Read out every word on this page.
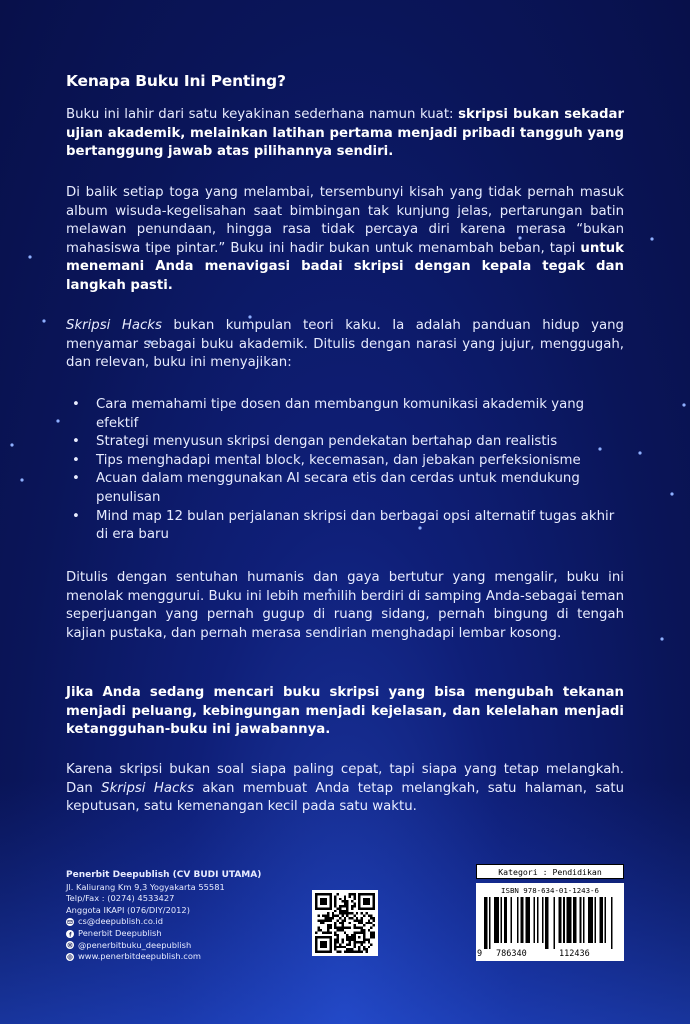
Kenapa Buku Ini Penting?

Buku ini lahir dari satu keyakinan sederhana namun kuat: skripsi bukan sekadar ujian akademik, melainkan latihan pertama menjadi pribadi tangguh yang bertanggung jawab atas pilihannya sendiri.

Di balik setiap toga yang melambai, tersembunyi kisah yang tidak pernah masuk album wisuda-kegelisahan saat bimbingan tak kunjung jelas, pertarungan batin melawan penundaan, hingga rasa tidak percaya diri karena merasa “bukan mahasiswa tipe pintar.” Buku ini hadir bukan untuk menambah beban, tapi untuk menemani Anda menavigasi badai skripsi dengan kepala tegak dan langkah pasti.

Skripsi Hacks bukan kumpulan teori kaku. Ia adalah panduan hidup yang menyamar sebagai buku akademik. Ditulis dengan narasi yang jujur, menggugah, dan relevan, buku ini menyajikan:

• Cara memahami tipe dosen dan membangun komunikasi akademik yang efektif
• Strategi menyusun skripsi dengan pendekatan bertahap dan realistis
• Tips menghadapi mental block, kecemasan, dan jebakan perfeksionisme
• Acuan dalam menggunakan AI secara etis dan cerdas untuk mendukung penulisan
• Mind map 12 bulan perjalanan skripsi dan berbagai opsi alternatif tugas akhir di era baru

Ditulis dengan sentuhan humanis dan gaya bertutur yang mengalir, buku ini menolak menggurui. Buku ini lebih memilih berdiri di samping Anda-sebagai teman seperjuangan yang pernah gugup di ruang sidang, pernah bingung di tengah kajian pustaka, dan pernah merasa sendirian menghadapi lembar kosong.

Jika Anda sedang mencari buku skripsi yang bisa mengubah tekanan menjadi peluang, kebingungan menjadi kejelasan, dan kelelahan menjadi ketangguhan-buku ini jawabannya.

Karena skripsi bukan soal siapa paling cepat, tapi siapa yang tetap melangkah. Dan Skripsi Hacks akan membuat Anda tetap melangkah, satu halaman, satu keputusan, satu kemenangan kecil pada satu waktu.

Penerbit Deepublish (CV BUDI UTAMA)
Jl. Kaliurang Km 9,3 Yogyakarta 55581
Telp/Fax : (0274) 4533427
Anggota IKAPI (076/DIY/2012)
cs@deepublish.co.id
Penerbit Deepublish
@penerbitbuku_deepublish
www.penerbitdeepublish.com
Kategori : Pendidikan
ISBN 978-634-01-1243-6
9 786340	112436
